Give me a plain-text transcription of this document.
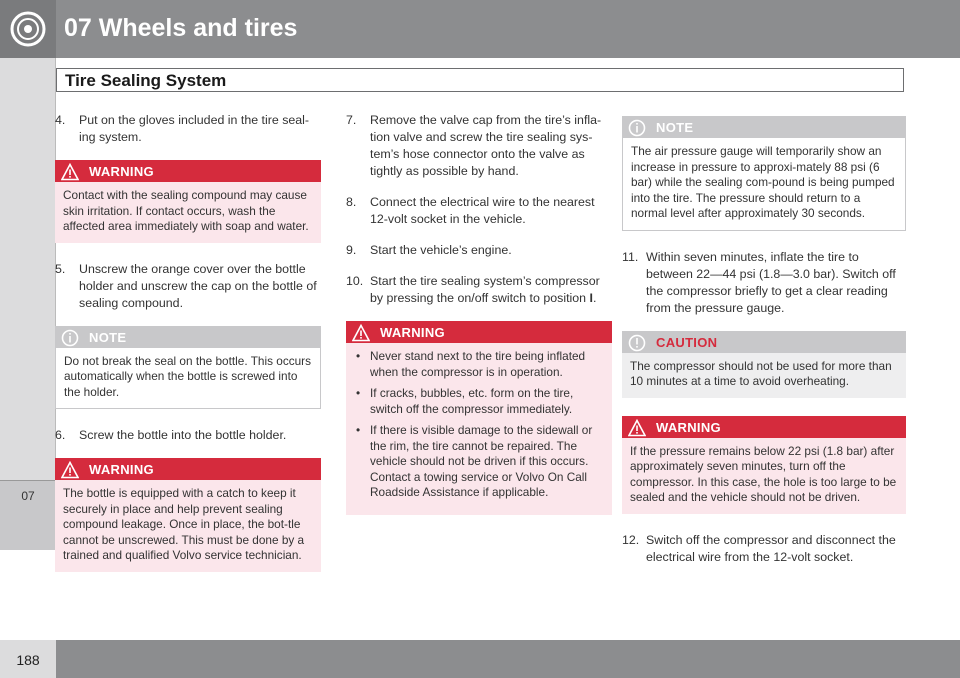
07 Wheels and tires
Tire Sealing System
07
4. Put on the gloves included in the tire seal-ing system.
WARNING
Contact with the sealing compound may cause skin irritation. If contact occurs, wash the affected area immediately with soap and water.
5. Unscrew the orange cover over the bottle holder and unscrew the cap on the bottle of sealing compound.
NOTE
Do not break the seal on the bottle. This occurs automatically when the bottle is screwed into the holder.
6. Screw the bottle into the bottle holder.
WARNING
The bottle is equipped with a catch to keep it securely in place and help prevent sealing compound leakage. Once in place, the bot-tle cannot be unscrewed. This must be done by a trained and qualified Volvo service technician.
7. Remove the valve cap from the tire’s infla-tion valve and screw the tire sealing sys-tem’s hose connector onto the valve as tightly as possible by hand.
8. Connect the electrical wire to the nearest 12-volt socket in the vehicle.
9. Start the vehicle’s engine.
10. Start the tire sealing system’s compressor by pressing the on/off switch to position I.
WARNING
• Never stand next to the tire being inflated when the compressor is in operation.
• If cracks, bubbles, etc. form on the tire, switch off the compressor immediately.
• If there is visible damage to the sidewall or the rim, the tire cannot be repaired. The vehicle should not be driven if this occurs. Contact a towing service or Volvo On Call Roadside Assistance if applicable.
NOTE
The air pressure gauge will temporarily show an increase in pressure to approxi-mately 88 psi (6 bar) while the sealing com-pound is being pumped into the tire. The pressure should return to a normal level after approximately 30 seconds.
11. Within seven minutes, inflate the tire to between 22—44 psi (1.8—3.0 bar). Switch off the compressor briefly to get a clear reading from the pressure gauge.
CAUTION
The compressor should not be used for more than 10 minutes at a time to avoid overheating.
WARNING
If the pressure remains below 22 psi (1.8 bar) after approximately seven minutes, turn off the compressor. In this case, the hole is too large to be sealed and the vehicle should not be driven.
12. Switch off the compressor and disconnect the electrical wire from the 12-volt socket.
188
